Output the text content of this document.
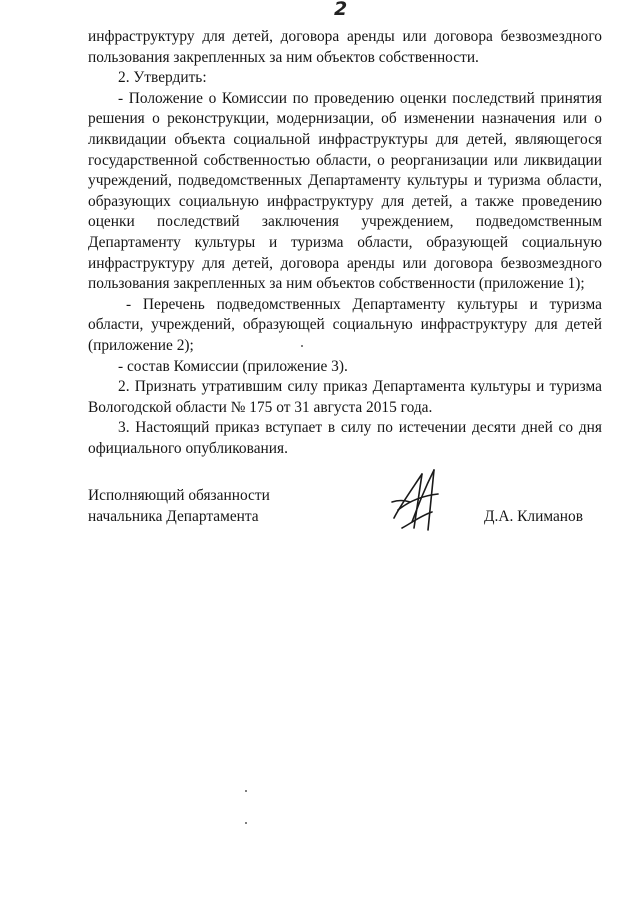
2

инфраструктуру для детей, договора аренды или договора безвозмездного пользования закрепленных за ним объектов собственности.

2. Утвердить:

- Положение о Комиссии по проведению оценки последствий принятия решения о реконструкции, модернизации, об изменении назначения или о ликвидации объекта социальной инфраструктуры для детей, являющегося государственной собственностью области, о реорганизации или ликвидации учреждений, подведомственных Департаменту культуры и туризма области, образующих социальную инфраструктуру для детей, а также проведению оценки последствий заключения учреждением, подведомственным Департаменту культуры и туризма области, образующей социальную инфраструктуру для детей, договора аренды или договора безвозмездного пользования закрепленных за ним объектов собственности (приложение 1);

- Перечень подведомственных Департаменту культуры и туризма области, учреждений, образующей социальную инфраструктуру для детей (приложение 2);

- состав Комиссии (приложение 3).

2. Признать утратившим силу приказ Департамента культуры и туризма Вологодской области № 175 от 31 августа 2015 года.

3. Настоящий приказ вступает в силу по истечении десяти дней со дня официального опубликования.

Исполняющий обязанности
начальника Департамента	Д.А. Климанов
